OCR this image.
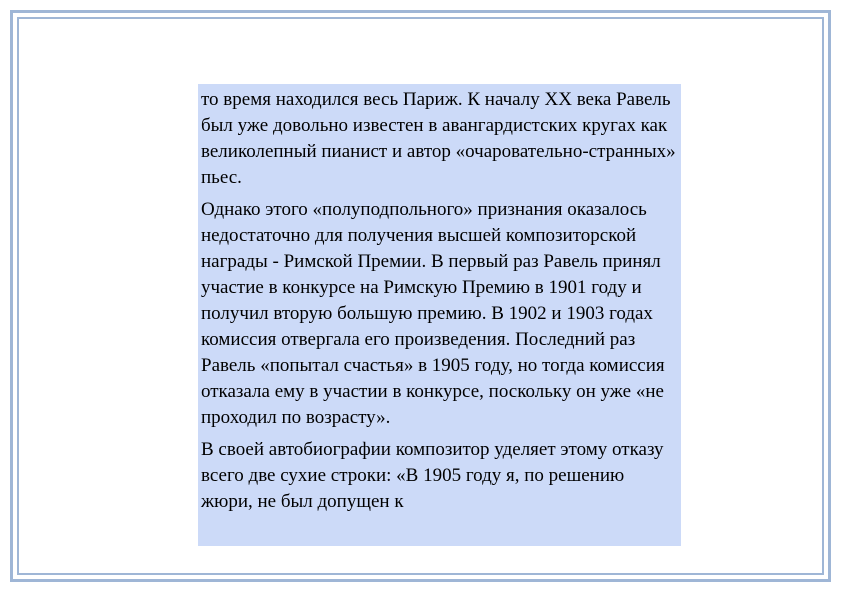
то время находился весь Париж. К началу XX века Равель был уже довольно известен в авангардистских кругах как великолепный пианист и автор «очаровательно-странных» пьес.

Однако этого «полуподпольного» признания оказалось недостаточно для получения высшей композиторской награды - Римской Премии. В первый раз Равель принял участие в конкурсе на Римскую Премию в 1901 году и получил вторую большую премию. В 1902 и 1903 годах комиссия отвергала его произведения. Последний раз Равель «попытал счастья» в 1905 году, но тогда комиссия отказала ему в участии в конкурсе, поскольку он уже «не проходил по возрасту».

В своей автобиографии композитор уделяет этому отказу всего две сухие строки: «В 1905 году я, по решению жюри, не был допущен к
